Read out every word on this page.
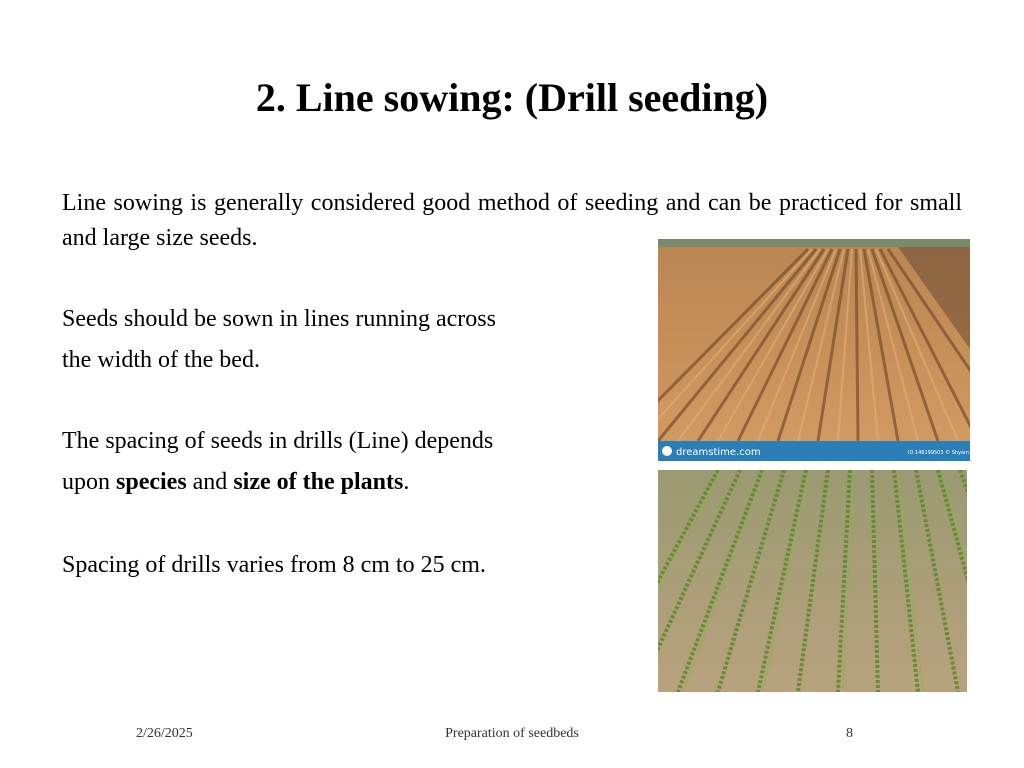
2. Line sowing: (Drill seeding)

Line sowing is generally considered good method of seeding and can be practiced for small and large size seeds.

Seeds should be sown in lines running across
the width of the bed.

The spacing of seeds in drills (Line) depends
upon species and size of the plants.

Spacing of drills varies from 8 cm to 25 cm.

dreamstime.com	ID 148199503 © Shyam
2/26/2025	Preparation of seedbeds	8
